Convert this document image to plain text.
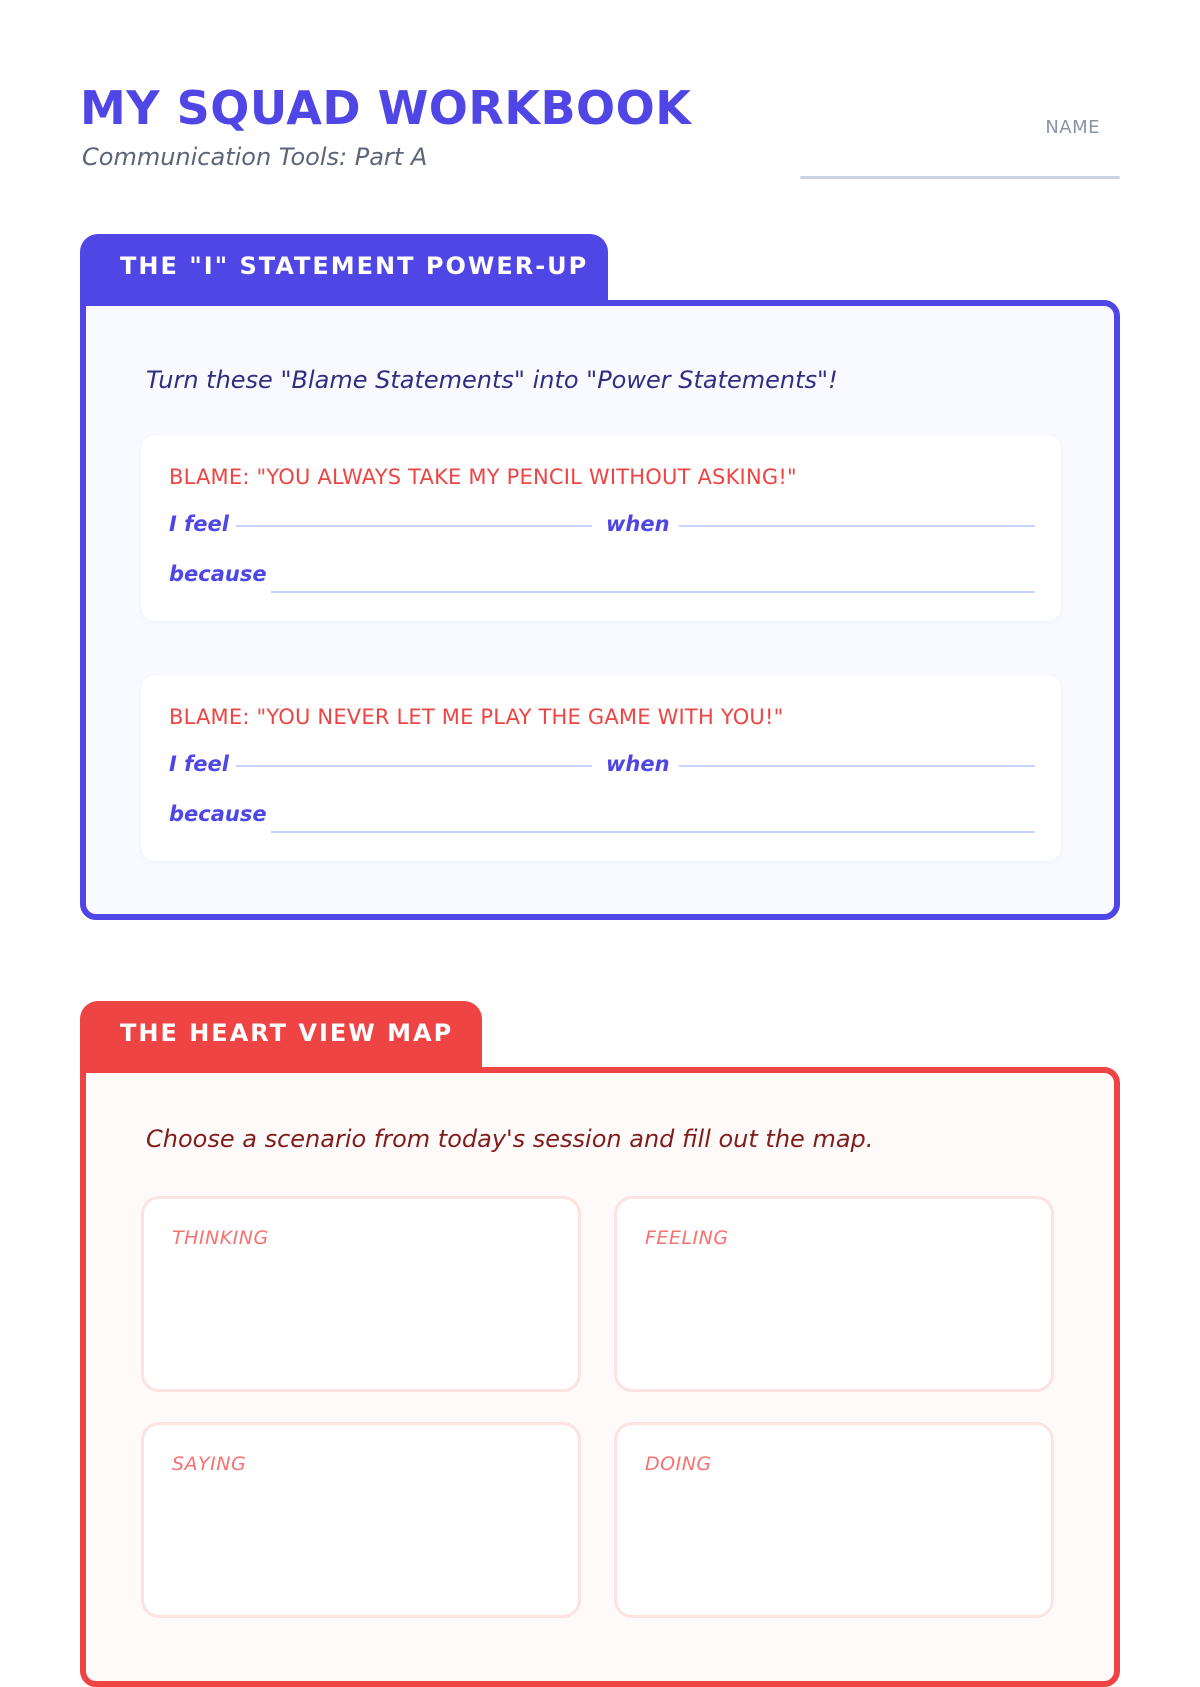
MY SQUAD WORKBOOK
Communication Tools: Part A
NAME
THE "I" STATEMENT POWER-UP
Turn these "Blame Statements" into "Power Statements"!
BLAME: "YOU ALWAYS TAKE MY PENCIL WITHOUT ASKING!"
I feel	when
because
BLAME: "YOU NEVER LET ME PLAY THE GAME WITH YOU!"
I feel	when
because
THE HEART VIEW MAP
Choose a scenario from today's session and fill out the map.
THINKING	FEELING
SAYING	DOING
